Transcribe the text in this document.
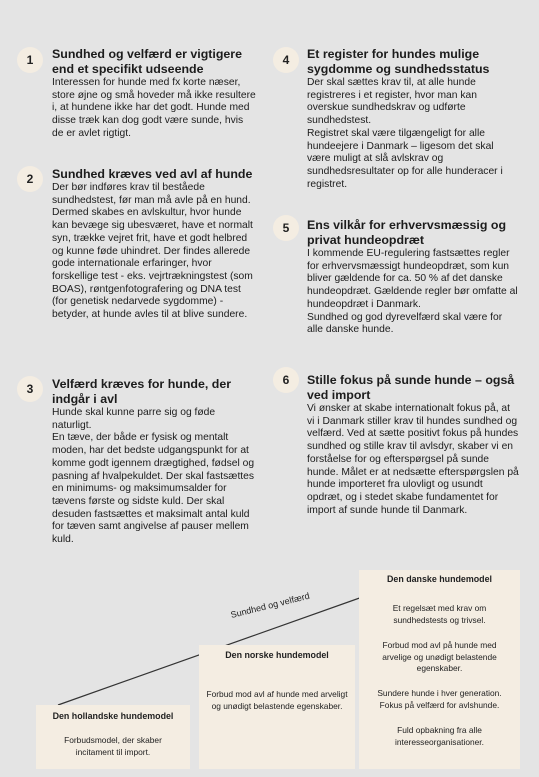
1	Sundhed og velfærd er vigtigere end et specifikt udseende

Interessen for hunde med fx korte næser, store øjne og små hoveder må ikke resultere i, at hundene ikke har det godt. Hunde med disse træk kan dog godt være sunde, hvis de er avlet rigtigt.

2	Sundhed kræves ved avl af hunde

Der bør indføres krav til beståede sundhedstest, før man må avle på en hund. Dermed skabes en avlskultur, hvor hunde kan bevæge sig ubesværet, have et normalt syn, trække vejret frit, have et godt helbred og kunne føde uhindret. Der findes allerede gode internationale erfaringer, hvor forskellige test - eks. vejrtrækningstest (som BOAS), røntgenfotografering og DNA test (for genetisk nedarvede sygdomme) - betyder, at hunde avles til at blive sundere.

3	Velfærd kræves for hunde, der indgår i avl

Hunde skal kunne parre sig og føde naturligt.
En tæve, der både er fysisk og mentalt moden, har det bedste udgangspunkt for at komme godt igennem drægtighed, fødsel og pasning af hvalpekuldet. Der skal fastsættes en minimums- og maksimumsalder for tævens første og sidste kuld. Der skal desuden fastsættes et maksimalt antal kuld for tæven samt angivelse af pauser mellem kuld.

4	Et register for hundes mulige sygdomme og sundhedsstatus

Der skal sættes krav til, at alle hunde registreres i et register, hvor man kan overskue sundhedskrav og udførte sundhedstest.
Registret skal være tilgængeligt for alle hundeejere i Danmark – ligesom det skal være muligt at slå avlskrav og sundhedsresultater op for alle hunderacer i registret.

5	Ens vilkår for erhvervsmæssig og privat hundeopdræt

I kommende EU-regulering fastsættes regler for erhvervsmæssigt hundeopdræt, som kun bliver gældende for ca. 50 % af det danske hundeopdræt. Gældende regler bør omfatte al hundeopdræt i Danmark.
Sundhed og god dyrevelfærd skal være for alle danske hunde.

6	Stille fokus på sunde hunde – også ved import

Vi ønsker at skabe internationalt fokus på, at vi i Danmark stiller krav til hundes sundhed og velfærd. Ved at sætte positivt fokus på hundes sundhed og stille krav til avlsdyr, skaber vi en forståelse for og efterspørgsel på sunde hunde. Målet er at nedsætte efterspørgslen på hunde importeret fra ulovligt og usundt opdræt, og i stedet skabe fundamentet for import af sunde hunde til Danmark.

Sundhed og velfærd

Den hollandske hundemodel

Forbudsmodel, der skaber incitament til import.

Den norske hundemodel

Forbud mod avl af hunde med arveligt og unødigt belastende egenskaber.

Den danske hundemodel

Et regelsæt med krav om sundhedstests og trivsel.

Forbud mod avl på hunde med arvelige og unødigt belastende egenskaber.

Sundere hunde i hver generation. Fokus på velfærd for avlshunde.

Fuld opbakning fra alle interesseorganisationer.
